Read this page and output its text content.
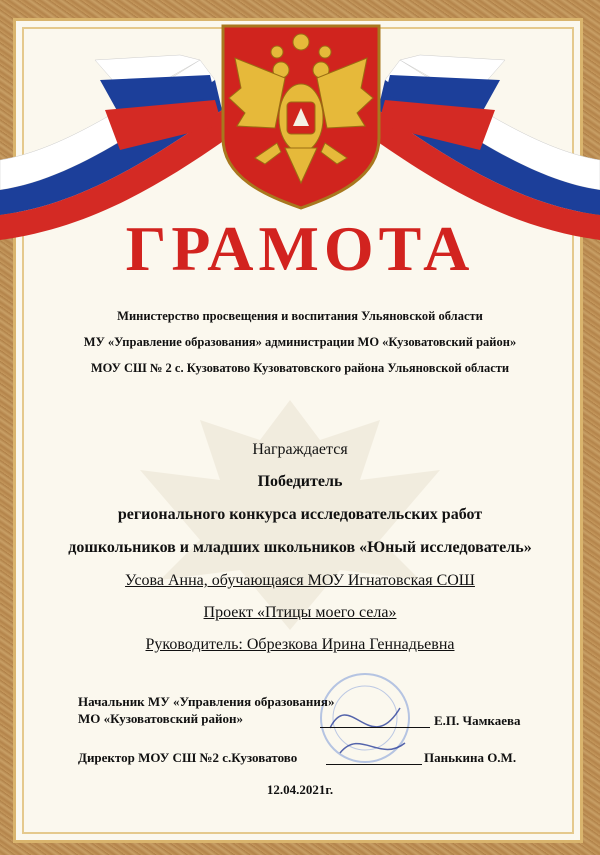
ГРАМОТА
Министерство просвещения и воспитания Ульяновской области
МУ «Управление образования» администрации МО «Кузоватовский район»
МОУ СШ № 2 с. Кузоватово Кузоватовского района Ульяновской области
Награждается
Победитель
регионального конкурса исследовательских работ
дошкольников и младших школьников «Юный исследователь»
Усова Анна, обучающаяся МОУ Игнатовская СОШ
Проект «Птицы моего села»
Руководитель: Обрезкова Ирина Геннадьевна
Начальник МУ «Управления образования»
МО «Кузоватовский район»	Е.П. Чамкаева
Директор МОУ СШ №2 с.Кузоватово	Панькина О.М.
12.04.2021г.
